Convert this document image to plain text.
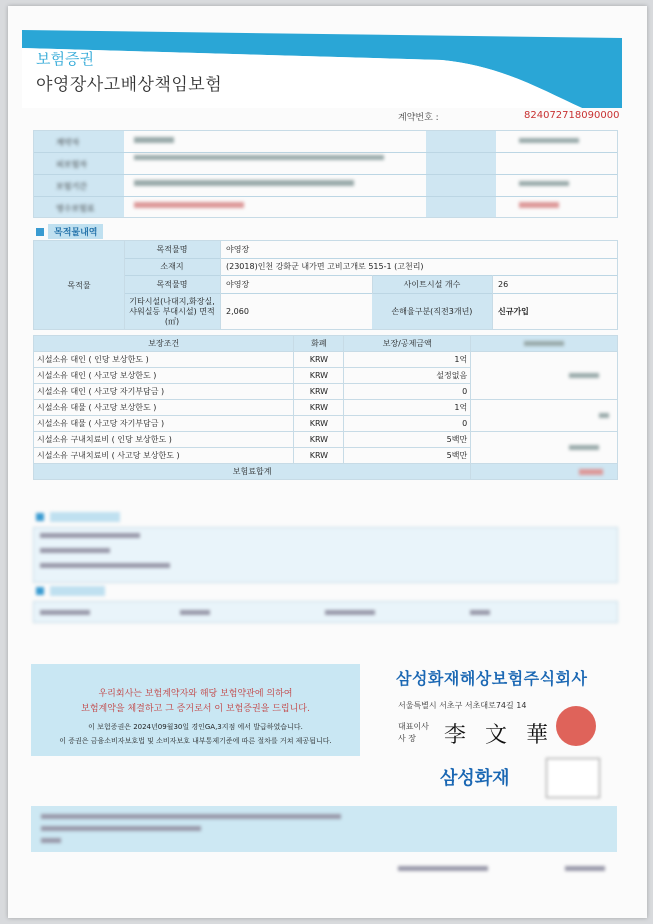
보험증권
야영장사고배상책임보험
계약번호 :	824072718090000
계약자
피보험자
보험기간
영수보험료
목적물내역
목적물
목적물명	야영장
소재지	(23018)인천 강화군 내가면 고비고개로 515-1 (고천리)
목적물명	야영장	사이트시설 개수	26
기타시설(나대지,화장실,
샤워실등 부대시설) 면적
(㎡)
2,060	손해율구분(직전3개년)	신규가입
보장조건	화폐	보장/공제금액	

시설소유 대인 ( 인당 보상한도 )	KRW	1억	

시설소유 대인 ( 사고당 보상한도 )	KRW	설정없음	
시설소유 대인 ( 사고당 자기부담금 )	KRW	0	
시설소유 대물 ( 사고당 보상한도 )	KRW	1억	

시설소유 대물 ( 사고당 자기부담금 )	KRW	0	
시설소유 구내치료비 ( 인당 보상한도 )	KRW	5백만	

시설소유 구내치료비 ( 사고당 보상한도 )	KRW	5백만	
보험료합계			
우리회사는 보험계약자와 해당 보험약관에 의하여
보험계약을 체결하고 그 증거로서 이 보험증권을 드립니다.
이 보험증권은 2024년09월30일 경인GA,3지점 에서 발급하였습니다.
이 증권은 금융소비자보호법 및 소비자보호 내부통제기준에 따른 절차를 거쳐 제공됩니다.
삼성화재해상보험주식회사
서울특별시 서초구 서초대로74길 14
대표이사
사 장	李 文 華
삼성화재
